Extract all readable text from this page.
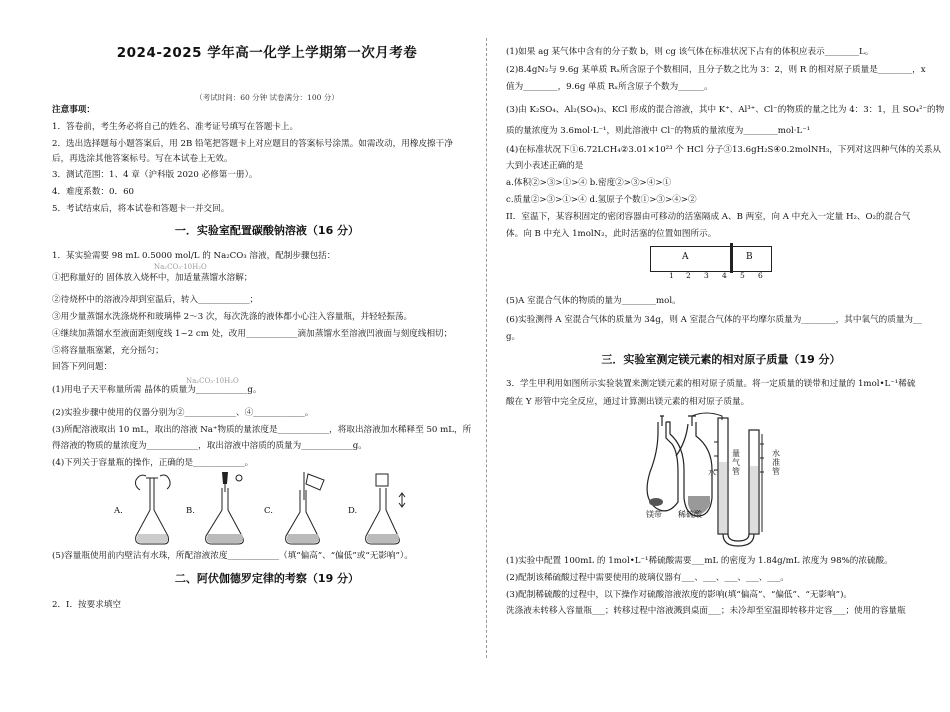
2024-2025 学年高一化学上学期第一次月考卷
（考试时间：60 分钟 试卷满分：100 分）
注意事项：
1．答卷前，考生务必将自己的姓名、准考证号填写在答题卡上。
2．选出选择题每小题答案后，用 2B 铅笔把答题卡上对应题目的答案标号涂黑。如需改动，用橡皮擦干净
后，再选涂其他答案标号。写在本试卷上无效。
3．测试范围：1、4 章（沪科版 2020 必修第一册）。
4．难度系数：0．60
5．考试结束后，将本试卷和答题卡一并交回。
一．实验室配置碳酸钠溶液（16 分）
1．某实验需要 98 mL 0.5000 mol/L 的 Na₂CO₃ 溶液，配制步骤包括：
Na₂CO₃·10H₂O
①把称量好的 固体放入烧杯中，加适量蒸馏水溶解；
②待烧杯中的溶液冷却到室温后，转入____________；
③用少量蒸馏水洗涤烧杯和玻璃棒 2～3 次，每次洗涤的液体都小心注入容量瓶，并轻轻振荡。
④继续加蒸馏水至液面距刻度线 1~2 cm 处，改用____________滴加蒸馏水至溶液凹液面与刻度线相切；
⑤将容量瓶塞紧，充分摇匀；
回答下列问题：
Na₂CO₃·10H₂O
(1)用电子天平称量所需 晶体的质量为____________g。
(2)实验步骤中使用的仪器分别为②____________、④____________。
(3)所配溶液取出 10 mL，取出的溶液 Na⁺物质的量浓度是____________，将取出溶液加水稀释至 50 mL，所
得溶液的物质的量浓度为____________，取出溶液中溶质的质量为____________g。
(4)下列关于容量瓶的操作，正确的是____________。
A.	B.	C.	D.
(5)容量瓶使用前内壁沾有水珠，所配溶液浓度____________（填“偏高”、“偏低”或“无影响”）。
二、阿伏伽德罗定律的考察（19 分）
2．I．按要求填空
(1)如果 ag 某气体中含有的分子数 b，则 cg 该气体在标准状况下占有的体积应表示________L。
(2)8.4gN₂与 9.6g 某单质 Rₓ所含原子个数相同，且分子数之比为 3：2，则 R 的相对原子质量是________，x
值为________，9.6g 单质 Rₓ所含原子个数为______。
(3)由 K₂SO₄、Al₂(SO₄)₃、KCl 形成的混合溶液，其中 K⁺、Al³⁺、Cl⁻的物质的量之比为 4：3：1，且 SO₄²⁻的物
质的量浓度为 3.6mol·L⁻¹，则此溶液中 Cl⁻的物质的量浓度为________mol·L⁻¹
(4)在标准状况下①6.72LCH₄②3.01×10²³ 个 HCl 分子③13.6gH₂S④0.2molNH₃，下列对这四种气体的关系从
大到小表述正确的是
a.体积②>③>①>④ b.密度②>③>④>①
c.质量②>③>①>④ d.氢原子个数①>③>④>②
II．室温下，某容积固定的密闭容器由可移动的活塞隔成 A、B 两室，向 A 中充入一定量 H₂、O₂的混合气
体。向 B 中充入 1molN₂，此时活塞的位置如图所示。
A	B
1 2 3 4 5 6
(5)A 室混合气体的物质的量为________mol。
(6)实验测得 A 室混合气体的质量为 34g，则 A 室混合气体的平均摩尔质量为________，其中氧气的质量为__
g。
三．实验室测定镁元素的相对原子质量（19 分）
3．学生甲利用如图所示实验装置来测定镁元素的相对原子质量。将一定质量的镁带和过量的 1mol•L⁻¹稀硫
酸在 Y 形管中完全反应，通过计算测出镁元素的相对原子质量。
镁带 稀硫酸
水
量气管
水准管
(1)实验中配置 100mL 的 1mol•L⁻¹稀硫酸需要___mL 的密度为 1.84g/mL 浓度为 98%的浓硫酸。
(2)配制该稀硫酸过程中需要使用的玻璃仪器有___、___、___、___、___。
(3)配制稀硫酸的过程中，以下操作对硫酸溶液浓度的影响(填“偏高”、“偏低”、“无影响”)。
洗涤液未转移入容量瓶___；转移过程中溶液溅到桌面___；未冷却至室温即转移并定容___；使用的容量瓶
